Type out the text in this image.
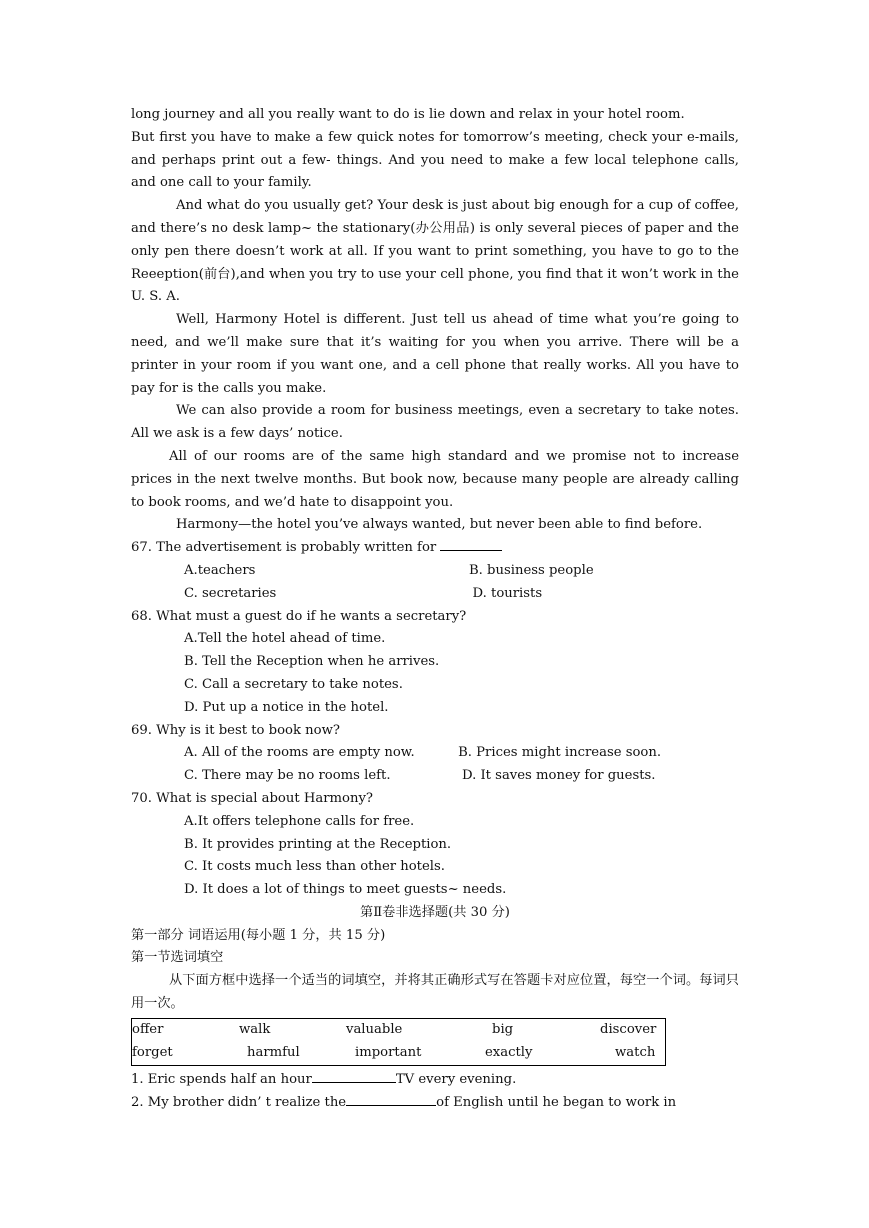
long journey and all you really want to do is lie down and relax in your hotel room.

But first you have to make a few quick notes for tomorrow’s meeting, check your e-mails, and perhaps print out a few- things. And you need to make a few local telephone calls, and one call to your family.

And what do you usually get? Your desk is just about big enough for a cup of coffee, and there’s no desk lamp~ the stationary(办公用品) is only several pieces of paper and the only pen there doesn’t work at all. If you want to print something, you have to go to the Reeeption(前台),and when you try to use your cell phone, you find that it won’t work in the U. S. A.

Well, Harmony Hotel is different. Just tell us ahead of time what you’re going to need, and we’ll make sure that it’s waiting for you when you arrive. There will be a printer in your room if you want one, and a cell phone that really works. All you have to pay for is the calls you make.

We can also provide a room for business meetings, even a secretary to take notes. All we ask is a few days’ notice.

All of our rooms are of the same high standard and we promise not to increase prices in the next twelve months. But book now, because many people are already calling to book rooms, and we’d hate to disappoint you.

Harmony—the hotel you’ve always wanted, but never been able to find before.

67. The advertisement is probably written for

A.teachers	B. business people
C. secretaries	D. tourists

68. What must a guest do if he wants a secretary?

A.Tell the hotel ahead of time.

B. Tell the Reception when he arrives.

C. Call a secretary to take notes.

D. Put up a notice in the hotel.

69. Why is it best to book now?

A. All of the rooms are empty now.	B. Prices might increase soon.
C. There may be no rooms left.	D. It saves money for guests.

70. What is special about Harmony?

A.It offers telephone calls for free.

B. It provides printing at the Reception.

C. It costs much less than other hotels.

D. It does a lot of things to meet guests~ needs.

第Ⅱ卷非选择题(共 30 分)

第一部分 词语运用(每小题 1 分，共 15 分)

第一节选词填空

从下面方框中选择一个适当的词填空，并将其正确形式写在答题卡对应位置，每空一个词。每词只用一次。

offer	walk	valuable	big	discover
forget	harmful	important	exactly	watch

1. Eric spends half an hour	TV every evening.

2. My brother didn’ t realize the	of English until he began to work in
